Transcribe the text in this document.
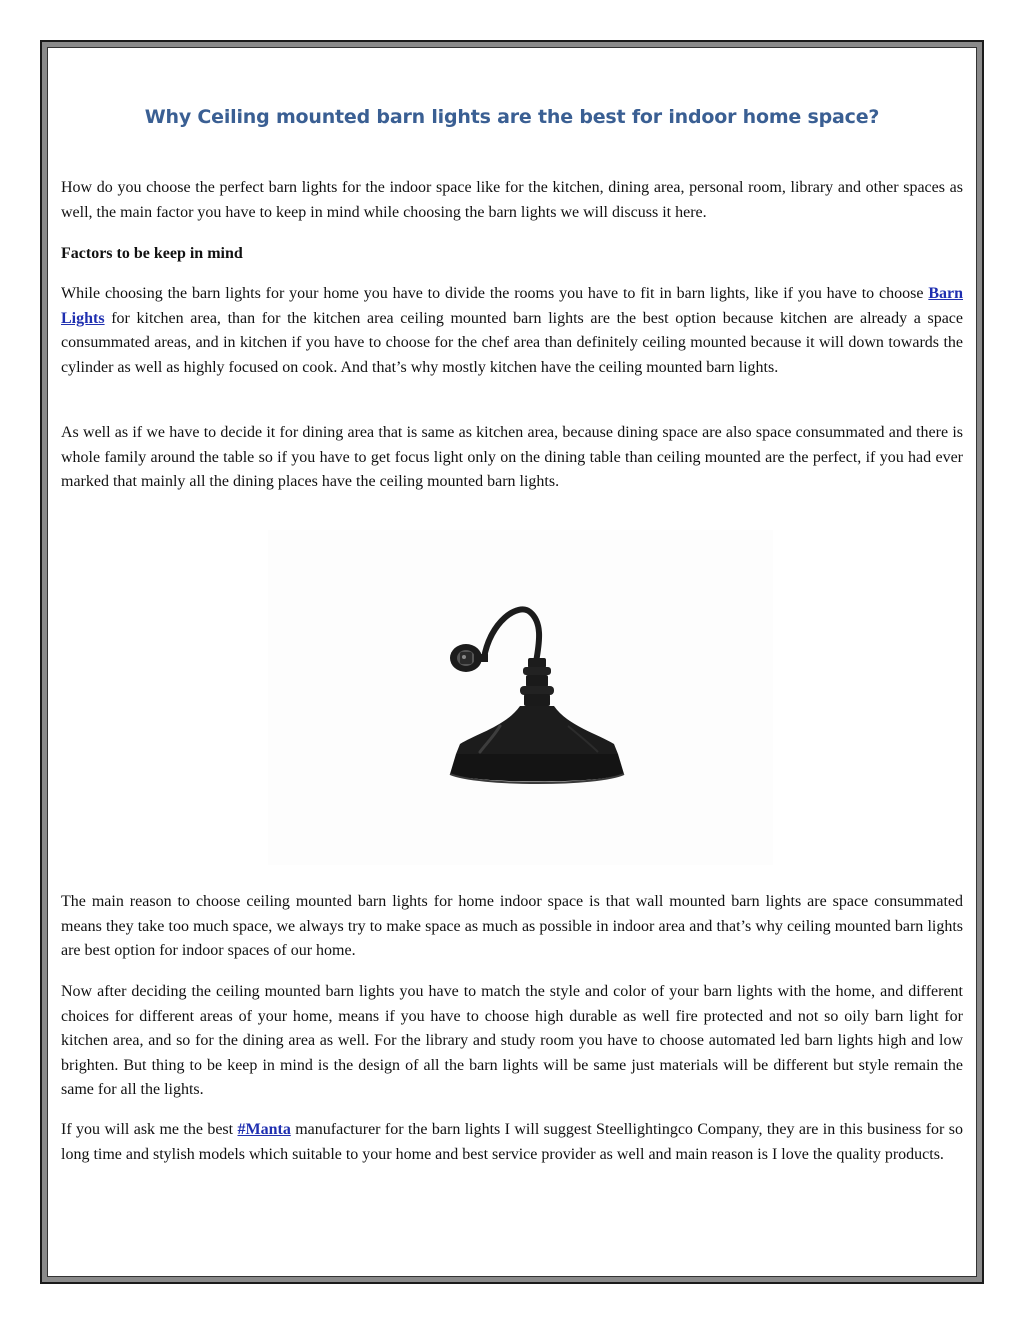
Why Ceiling mounted barn lights are the best for indoor home space?

How do you choose the perfect barn lights for the indoor space like for the kitchen, dining area, personal room, library and other spaces as well, the main factor you have to keep in mind while choosing the barn lights we will discuss it here.

Factors to be keep in mind

While choosing the barn lights for your home you have to divide the rooms you have to fit in barn lights, like if you have to choose Barn Lights for kitchen area, than for the kitchen area ceiling mounted barn lights are the best option because kitchen are already a space consummated areas, and in kitchen if you have to choose for the chef area than definitely ceiling mounted because it will down towards the cylinder as well as highly focused on cook. And that’s why mostly kitchen have the ceiling mounted barn lights.

As well as if we have to decide it for dining area that is same as kitchen area, because dining space are also space consummated and there is whole family around the table so if you have to get focus light only on the dining table than ceiling mounted are the perfect, if you had ever marked that mainly all the dining places have the ceiling mounted barn lights.

The main reason to choose ceiling mounted barn lights for home indoor space is that wall mounted barn lights are space consummated means they take too much space, we always try to make space as much as possible in indoor area and that’s why ceiling mounted barn lights are best option for indoor spaces of our home.

Now after deciding the ceiling mounted barn lights you have to match the style and color of your barn lights with the home, and different choices for different areas of your home, means if you have to choose high durable as well fire protected and not so oily barn light for kitchen area, and so for the dining area as well. For the library and study room you have to choose automated led barn lights high and low brighten. But thing to be keep in mind is the design of all the barn lights will be same just materials will be different but style remain the same for all the lights.

If you will ask me the best #Manta manufacturer for the barn lights I will suggest Steellightingco Company, they are in this business for so long time and stylish models which suitable to your home and best service provider as well and main reason is I love the quality products.
